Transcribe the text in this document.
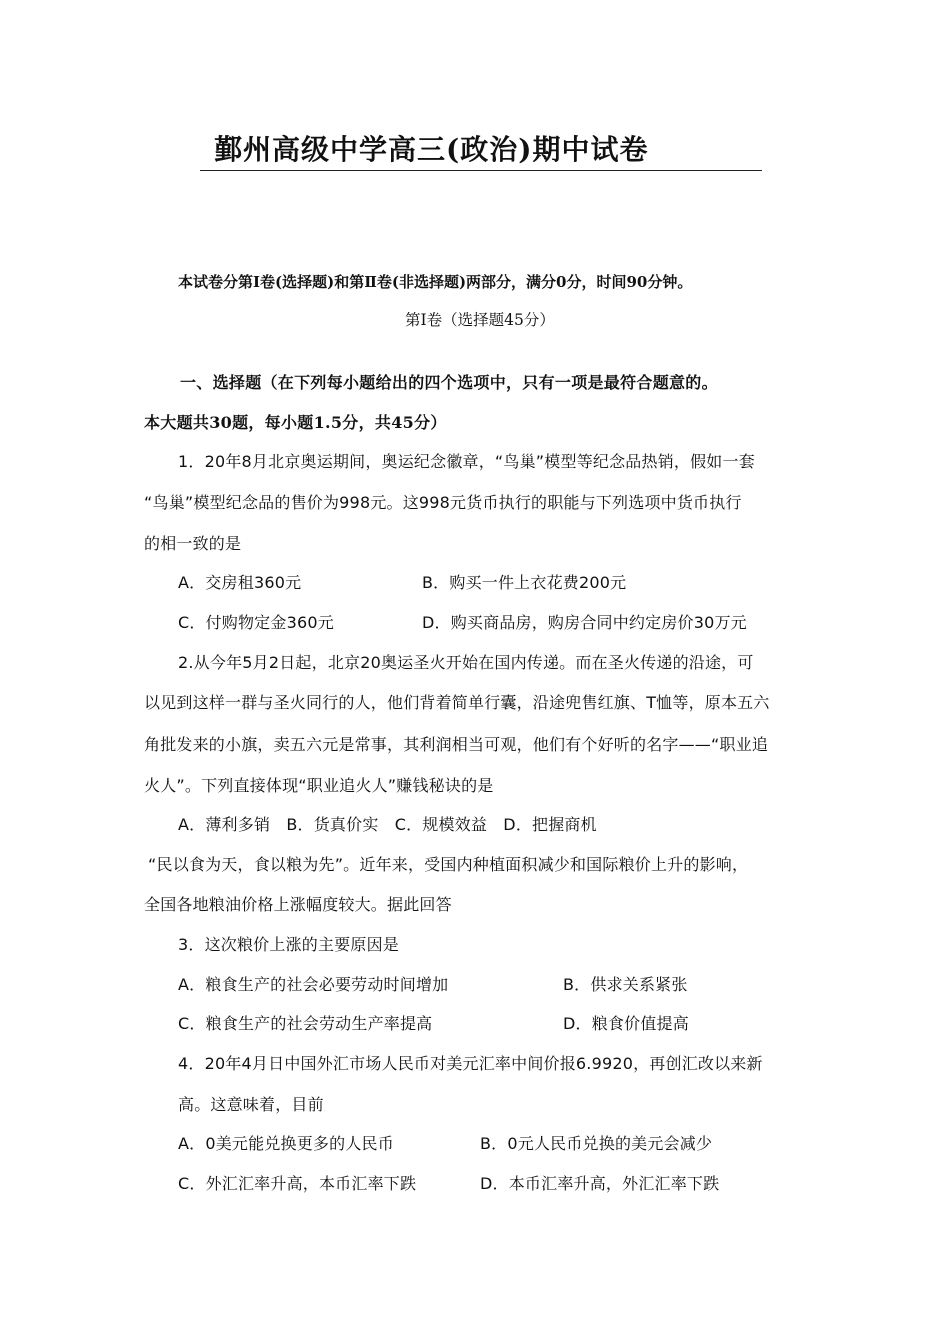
鄞州高级中学高三(政治)期中试卷
本试卷分第Ⅰ卷(选择题)和第Ⅱ卷(非选择题)两部分，满分0分，时间90分钟。
第Ⅰ卷（选择题45分）
一、选择题（在下列每小题给出的四个选项中，只有一项是最符合题意的。
本大题共30题，每小题1.5分，共45分）
1．20年8月北京奥运期间，奥运纪念徽章，“鸟巢”模型等纪念品热销，假如一套
“鸟巢”模型纪念品的售价为998元。这998元货币执行的职能与下列选项中货币执行
的相一致的是
A．交房租360元	B．购买一件上衣花费200元
C．付购物定金360元	D．购买商品房，购房合同中约定房价30万元
2.从今年5月2日起，北京20奥运圣火开始在国内传递。而在圣火传递的沿途，可
以见到这样一群与圣火同行的人，他们背着简单行囊，沿途兜售红旗、T恤等，原本五六
角批发来的小旗，卖五六元是常事，其利润相当可观，他们有个好听的名字——“职业追
火人”。下列直接体现“职业追火人”赚钱秘诀的是
A．薄利多销　B．货真价实　C．规模效益　D．把握商机
“民以食为天，食以粮为先”。近年来，受国内种植面积减少和国际粮价上升的影响，
全国各地粮油价格上涨幅度较大。据此回答
3．这次粮价上涨的主要原因是
A．粮食生产的社会必要劳动时间增加	B．供求关系紧张
C．粮食生产的社会劳动生产率提高	D．粮食价值提高
4．20年4月日中国外汇市场人民币对美元汇率中间价报6.9920，再创汇改以来新
高。这意味着，目前
A．0美元能兑换更多的人民币	B．0元人民币兑换的美元会减少
C．外汇汇率升高，本币汇率下跌	D．本币汇率升高，外汇汇率下跌
